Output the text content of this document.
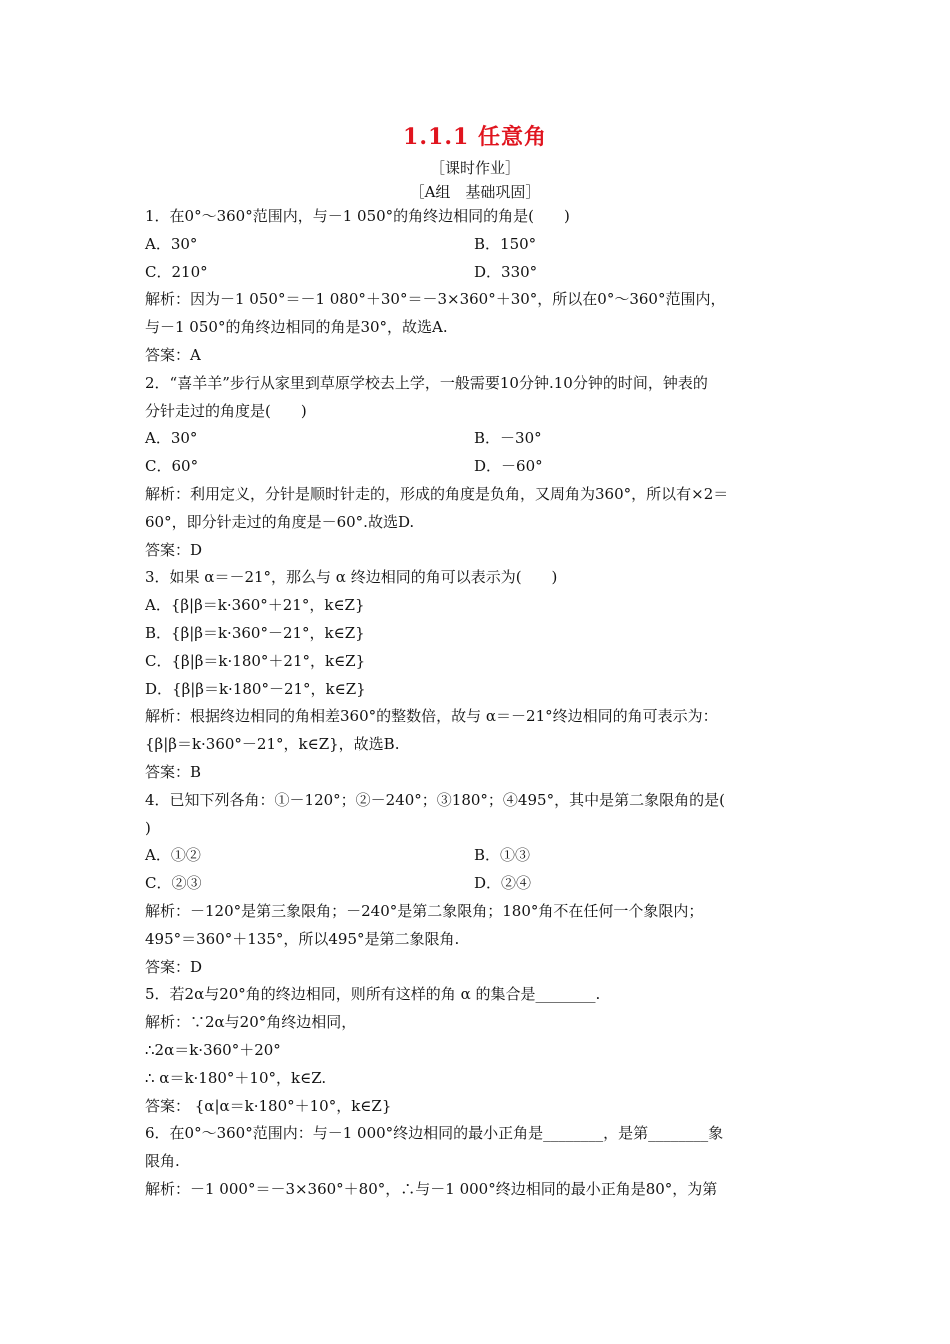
1.1.1 任意角
［课时作业］
［A组　基础巩固］
1．在0°～360°范围内，与－1 050°的角终边相同的角是(　　)
A．30°	B．150°
C．210°	D．330°
解析：因为－1 050°＝－1 080°＋30°＝－3×360°＋30°，所以在0°～360°范围内，
与－1 050°的角终边相同的角是30°，故选A.
答案：A
2．“喜羊羊”步行从家里到草原学校去上学，一般需要10分钟.10分钟的时间，钟表的
分针走过的角度是(　　)
A．30°	B．－30°
C．60°	D．－60°
解析：利用定义，分针是顺时针走的，形成的角度是负角，又周角为360°，所以有×2＝
60°，即分针走过的角度是－60°.故选D.
答案：D
3．如果 α＝－21°，那么与 α 终边相同的角可以表示为(　　)
A．{β|β＝k·360°＋21°，k∈Z}
B．{β|β＝k·360°－21°，k∈Z}
C．{β|β＝k·180°＋21°，k∈Z}
D．{β|β＝k·180°－21°，k∈Z}
解析：根据终边相同的角相差360°的整数倍，故与 α＝－21°终边相同的角可表示为：
{β|β＝k·360°－21°，k∈Z}，故选B.
答案：B
4．已知下列各角：①－120°；②－240°；③180°；④495°，其中是第二象限角的是(
)
A．①②	B．①③
C．②③	D．②④
解析：－120°是第三象限角；－240°是第二象限角；180°角不在任何一个象限内；
495°＝360°＋135°，所以495°是第二象限角.
答案：D
5．若2α与20°角的终边相同，则所有这样的角 α 的集合是________.
解析：∵2α与20°角终边相同，
∴2α＝k·360°＋20°
∴ α＝k·180°＋10°，k∈Z.
答案： {α|α＝k·180°＋10°，k∈Z}
6．在0°～360°范围内：与－1 000°终边相同的最小正角是________，是第________象
限角.
解析：－1 000°＝－3×360°＋80°，∴与－1 000°终边相同的最小正角是80°，为第
